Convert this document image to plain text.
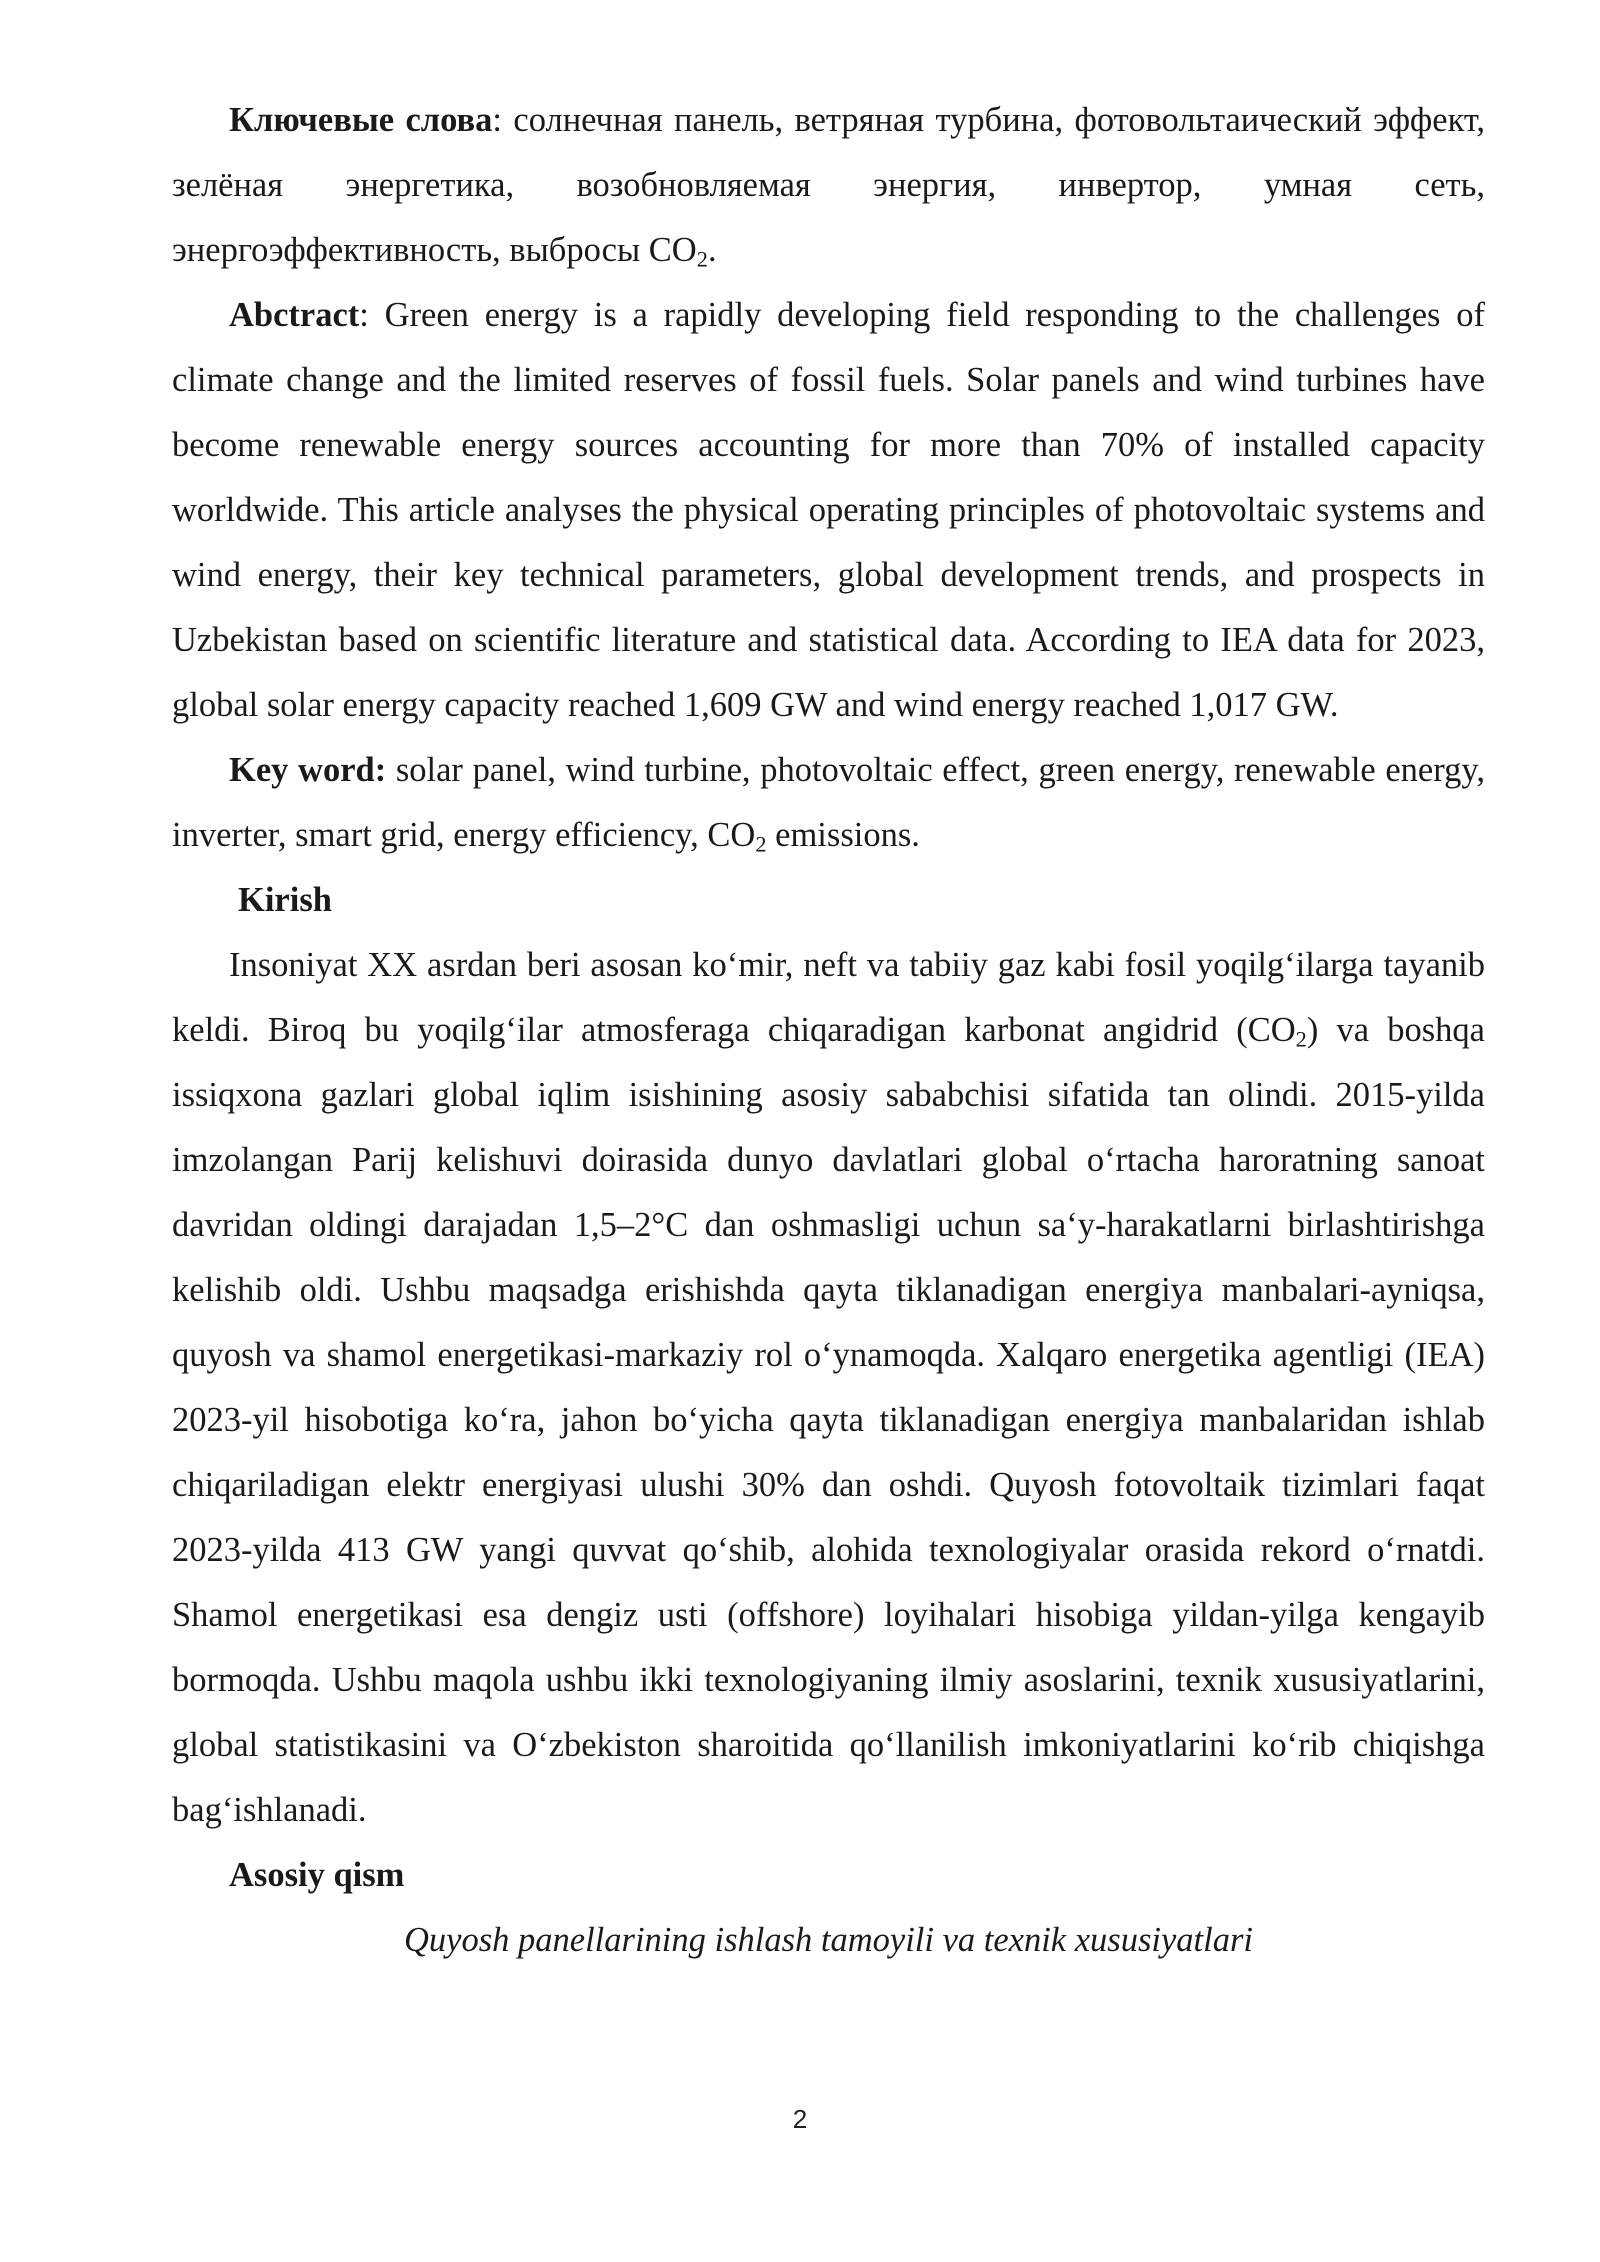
Ключевые слова: солнечная панель, ветряная турбина, фотовольтаический эффект, зелёная энергетика, возобновляемая энергия, инвертор, умная сеть, энергоэффективность, выбросы $CO_2$.

Abctract: Green energy is a rapidly developing field responding to the challenges of climate change and the limited reserves of fossil fuels. Solar panels and wind turbines have become renewable energy sources accounting for more than 70% of installed capacity worldwide. This article analyses the physical operating principles of photovoltaic systems and wind energy, their key technical parameters, global development trends, and prospects in Uzbekistan based on scientific literature and statistical data. According to IEA data for 2023, global solar energy capacity reached 1,609 GW and wind energy reached 1,017 GW.

Key word: solar panel, wind turbine, photovoltaic effect, green energy, renewable energy, inverter, smart grid, energy efficiency, $CO_2$ emissions.

Kirish

Insoniyat XX asrdan beri asosan ko‘mir, neft va tabiiy gaz kabi fosil yoqilg‘ilarga tayanib keldi. Biroq bu yoqilg‘ilar atmosferaga chiqaradigan karbonat angidrid $(CO_2)$ va boshqa issiqxona gazlari global iqlim isishining asosiy sababchisi sifatida tan olindi. 2015-yilda imzolangan Parij kelishuvi doirasida dunyo davlatlari global o‘rtacha haroratning sanoat davridan oldingi darajadan 1,5–2°C dan oshmasligi uchun sa‘y-harakatlarni birlashtirishga kelishib oldi. Ushbu maqsadga erishishda qayta tiklanadigan energiya manbalari-ayniqsa, quyosh va shamol energetikasi-markaziy rol o‘ynamoqda. Xalqaro energetika agentligi (IEA) 2023-yil hisobotiga ko‘ra, jahon bo‘yicha qayta tiklanadigan energiya manbalaridan ishlab chiqariladigan elektr energiyasi ulushi 30% dan oshdi. Quyosh fotovoltaik tizimlari faqat 2023-yilda 413 GW yangi quvvat qo‘shib, alohida texnologiyalar orasida rekord o‘rnatdi. Shamol energetikasi esa dengiz usti (offshore) loyihalari hisobiga yildan-yilga kengayib bormoqda. Ushbu maqola ushbu ikki texnologiyaning ilmiy asoslarini, texnik xususiyatlarini, global statistikasini va O‘zbekiston sharoitida qo‘llanilish imkoniyatlarini ko‘rib chiqishga bag‘ishlanadi.

Asosiy qism

Quyosh panellarining ishlash tamoyili va texnik xususiyatlari

2
